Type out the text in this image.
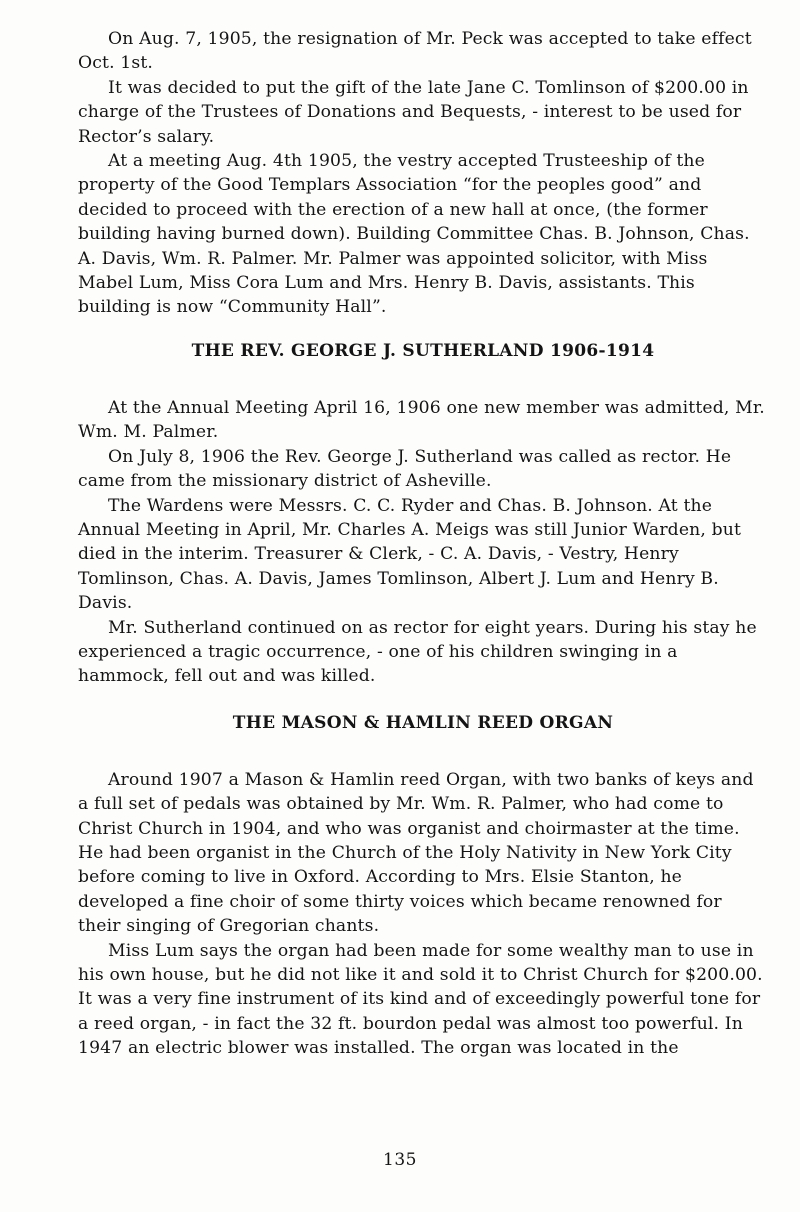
On Aug. 7, 1905, the resignation of Mr. Peck was accepted to take effect Oct. 1st.

It was decided to put the gift of the late Jane C. Tomlinson of $200.00 in charge of the Trustees of Donations and Bequests, - interest to be used for Rector’s salary.

At a meeting Aug. 4th 1905, the vestry accepted Trusteeship of the property of the Good Templars Association “for the peoples good” and decided to proceed with the erection of a new hall at once, (the former building having burned down). Building Committee Chas. B. Johnson, Chas. A. Davis, Wm. R. Palmer. Mr. Palmer was appointed solicitor, with Miss Mabel Lum, Miss Cora Lum and Mrs. Henry B. Davis, assistants. This building is now “Community Hall”.

THE REV. GEORGE J. SUTHERLAND 1906-1914

At the Annual Meeting April 16, 1906 one new member was admitted, Mr. Wm. M. Palmer.

On July 8, 1906 the Rev. George J. Sutherland was called as rector. He came from the missionary district of Asheville.

The Wardens were Messrs. C. C. Ryder and Chas. B. Johnson. At the Annual Meeting in April, Mr. Charles A. Meigs was still Junior Warden, but died in the interim. Treasurer & Clerk, - C. A. Davis, - Vestry, Henry Tomlinson, Chas. A. Davis, James Tomlinson, Albert J. Lum and Henry B. Davis.

Mr. Sutherland continued on as rector for eight years. During his stay he experienced a tragic occurrence, - one of his children swinging in a hammock, fell out and was killed.

THE MASON & HAMLIN REED ORGAN

Around 1907 a Mason & Hamlin reed Organ, with two banks of keys and a full set of pedals was obtained by Mr. Wm. R. Palmer, who had come to Christ Church in 1904, and who was organist and choirmaster at the time. He had been organist in the Church of the Holy Nativity in New York City before coming to live in Oxford. According to Mrs. Elsie Stanton, he developed a fine choir of some thirty voices which became renowned for their singing of Gregorian chants.

Miss Lum says the organ had been made for some wealthy man to use in his own house, but he did not like it and sold it to Christ Church for $200.00. It was a very fine instrument of its kind and of exceedingly powerful tone for a reed organ, - in fact the 32 ft. bourdon pedal was almost too powerful. In 1947 an electric blower was installed. The organ was located in the

135
